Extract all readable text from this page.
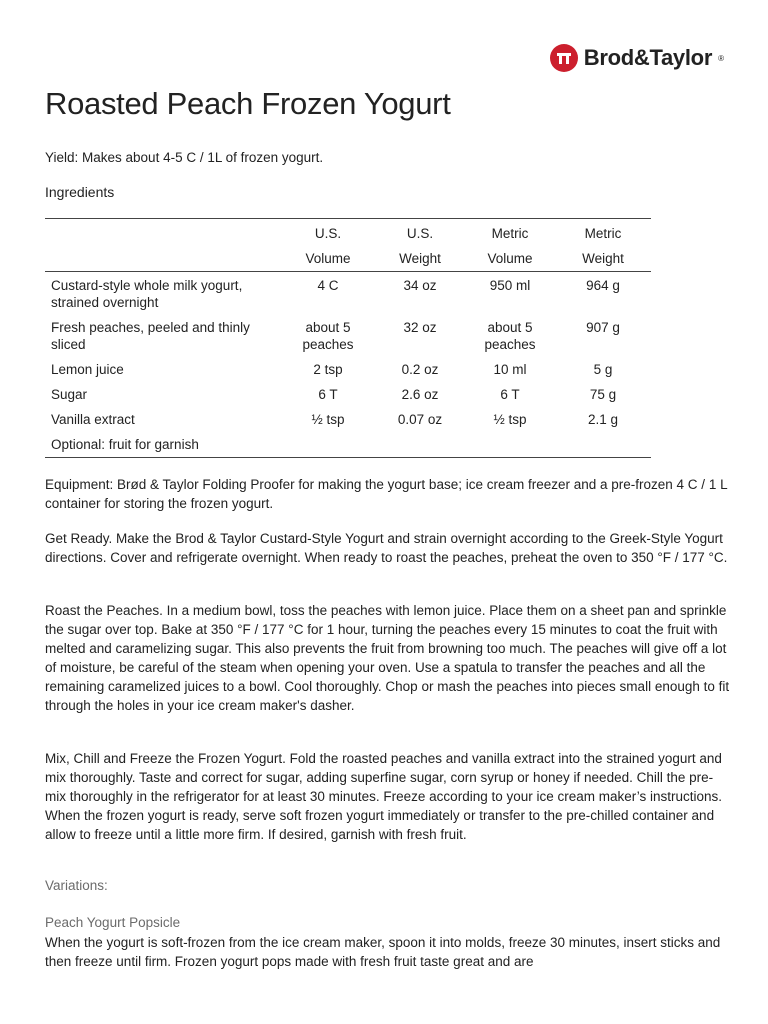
Brod&Taylor ®
Roasted Peach Frozen Yogurt
Yield: Makes about 4-5 C / 1L of frozen yogurt.
Ingredients
	U.S.	U.S.	Metric	Metric
	Volume	Weight	Volume	Weight
Custard-style whole milk yogurt, strained overnight	4 C	34 oz	950 ml	964 g
Fresh peaches, peeled and thinly sliced	about 5 peaches	32 oz	about 5 peaches	907 g
Lemon juice	2 tsp	0.2 oz	10 ml	5 g
Sugar	6 T	2.6 oz	6 T	75 g
Vanilla extract	½ tsp	0.07 oz	½ tsp	2.1 g
Optional: fruit for garnish				

Equipment: Brød & Taylor Folding Proofer for making the yogurt base; ice cream freezer and a pre-frozen 4 C / 1 L container for storing the frozen yogurt.

Get Ready. Make the Brod & Taylor Custard-Style Yogurt and strain overnight according to the Greek-Style Yogurt directions. Cover and refrigerate overnight. When ready to roast the peaches, preheat the oven to 350 °F / 177 °C.

Roast the Peaches. In a medium bowl, toss the peaches with lemon juice. Place them on a sheet pan and sprinkle the sugar over top. Bake at 350 °F / 177 °C for 1 hour, turning the peaches every 15 minutes to coat the fruit with melted and caramelizing sugar. This also prevents the fruit from browning too much. The peaches will give off a lot of moisture, be careful of the steam when opening your oven. Use a spatula to transfer the peaches and all the remaining caramelized juices to a bowl. Cool thoroughly. Chop or mash the peaches into pieces small enough to fit through the holes in your ice cream maker's dasher.

Mix, Chill and Freeze the Frozen Yogurt. Fold the roasted peaches and vanilla extract into the strained yogurt and mix thoroughly. Taste and correct for sugar, adding superfine sugar, corn syrup or honey if needed. Chill the pre-mix thoroughly in the refrigerator for at least 30 minutes. Freeze according to your ice cream maker’s instructions. When the frozen yogurt is ready, serve soft frozen yogurt immediately or transfer to the pre-chilled container and allow to freeze until a little more firm. If desired, garnish with fresh fruit.

Variations:
Peach Yogurt Popsicle

When the yogurt is soft-frozen from the ice cream maker, spoon it into molds, freeze 30 minutes, insert sticks and then freeze until firm. Frozen yogurt pops made with fresh fruit taste great and are
